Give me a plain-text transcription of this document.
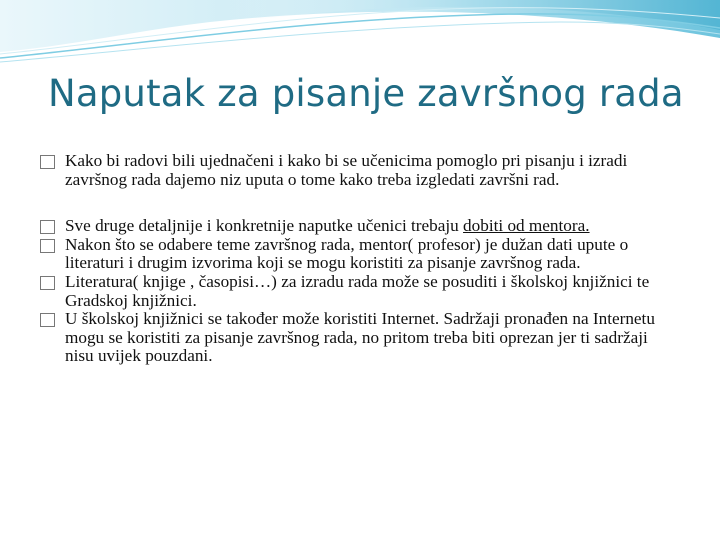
Naputak za pisanje završnog rada
Kako bi radovi bili ujednačeni i kako bi se učenicima pomoglo pri pisanju i izradi završnog rada dajemo niz uputa o tome kako treba izgledati završni rad.
Sve druge detaljnije i konkretnije naputke učenici trebaju dobiti od mentora.
Nakon što se odabere teme završnog rada, mentor( profesor) je dužan dati upute o literaturi i drugim izvorima koji se mogu koristiti za pisanje završnog rada.
Literatura( knjige , časopisi…) za izradu rada može se posuditi i školskoj knjižnici te Gradskoj knjižnici.
U školskoj knjižnici se također može koristiti Internet. Sadržaji pronađen na Internetu mogu se koristiti za pisanje završnog rada, no pritom treba biti oprezan jer ti sadržaji nisu uvijek pouzdani.
